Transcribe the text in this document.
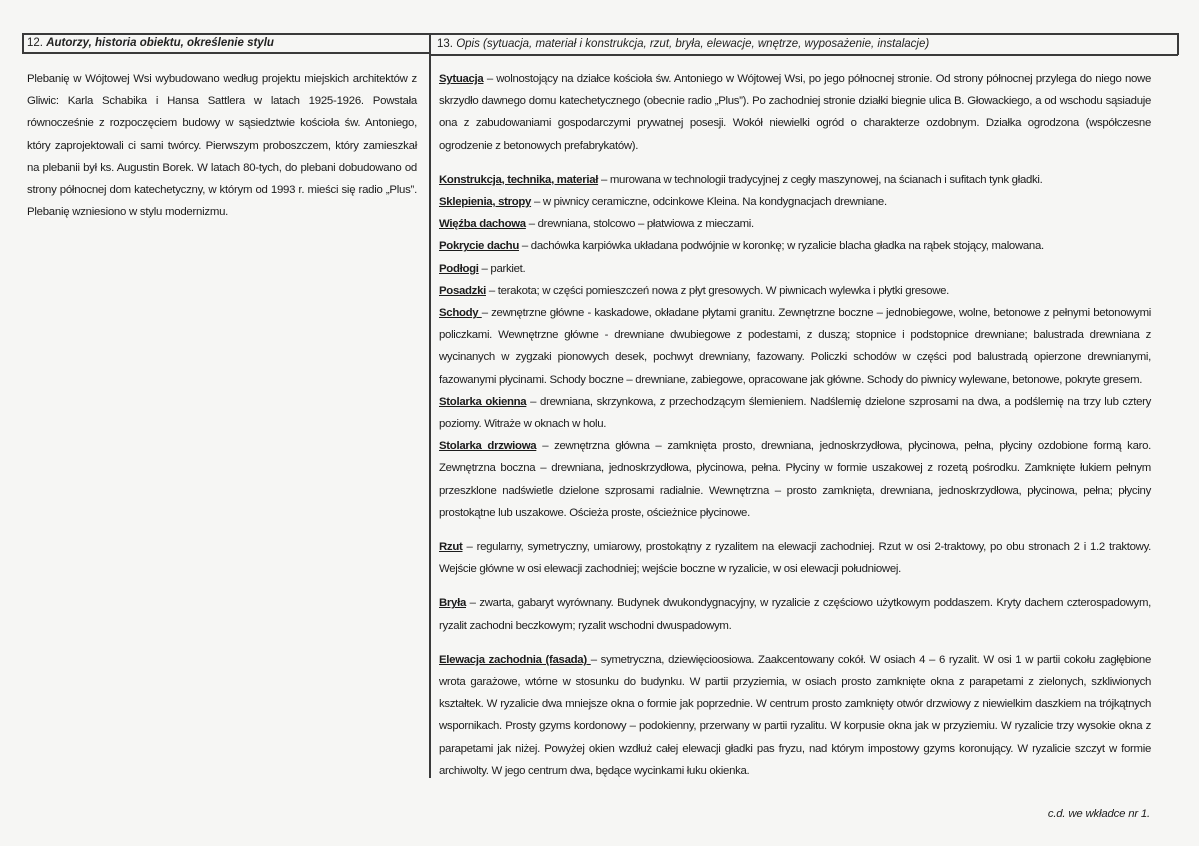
12. Autorzy, historia obiektu, określenie stylu	13. Opis (sytuacja, materiał i konstrukcja, rzut, bryła, elewacje, wnętrze, wyposażenie, instalacje)
Plebanię w Wójtowej Wsi wybudowano według projektu miejskich architektów z Gliwic: Karla Schabika i Hansa Sattlera w latach 1925-1926. Powstała równocześnie z rozpoczęciem budowy w sąsiedztwie kościoła św. Antoniego, który zaprojektowali ci sami twórcy. Pierwszym proboszczem, który zamieszkał na plebanii był ks. Augustin Borek. W latach 80-tych, do plebani dobudowano od strony północnej dom katechetyczny, w którym od 1993 r. mieści się radio „Plus”. Plebanię wzniesiono w stylu modernizmu.

Sytuacja – wolnostojący na działce kościoła św. Antoniego w Wójtowej Wsi, po jego północnej stronie. Od strony północnej przylega do niego nowe skrzydło dawnego domu katechetycznego (obecnie radio „Plus”). Po zachodniej stronie działki biegnie ulica B. Głowackiego, a od wschodu sąsiaduje ona z zabudowaniami gospodarczymi prywatnej posesji. Wokół niewielki ogród o charakterze ozdobnym. Działka ogrodzona (współczesne ogrodzenie z betonowych prefabrykatów).

Konstrukcja, technika, materiał – murowana w technologii tradycyjnej z cegły maszynowej, na ścianach i sufitach tynk gładki.

Sklepienia, stropy – w piwnicy ceramiczne, odcinkowe Kleina. Na kondygnacjach drewniane.

Więźba dachowa – drewniana, stolcowo – płatwiowa z mieczami.

Pokrycie dachu – dachówka karpiówka układana podwójnie w koronkę; w ryzalicie blacha gładka na rąbek stojący, malowana.

Podłogi – parkiet.

Posadzki – terakota; w części pomieszczeń nowa z płyt gresowych. W piwnicach wylewka i płytki gresowe.

Schody – zewnętrzne główne - kaskadowe, okładane płytami granitu. Zewnętrzne boczne – jednobiegowe, wolne, betonowe z pełnymi betonowymi policzkami. Wewnętrzne główne - drewniane dwubiegowe z podestami, z duszą; stopnice i podstopnice drewniane; balustrada drewniana z wycinanych w zygzaki pionowych desek, pochwyt drewniany, fazowany. Policzki schodów w części pod balustradą opierzone drewnianymi, fazowanymi płycinami. Schody boczne – drewniane, zabiegowe, opracowane jak główne. Schody do piwnicy wylewane, betonowe, pokryte gresem.

Stolarka okienna – drewniana, skrzynkowa, z przechodzącym ślemieniem. Nadślemię dzielone szprosami na dwa, a podślemię na trzy lub cztery poziomy. Witraże w oknach w holu.

Stolarka drzwiowa – zewnętrzna główna – zamknięta prosto, drewniana, jednoskrzydłowa, płycinowa, pełna, płyciny ozdobione formą karo. Zewnętrzna boczna – drewniana, jednoskrzydłowa, płycinowa, pełna. Płyciny w formie uszakowej z rozetą pośrodku. Zamknięte łukiem pełnym przeszklone nadświetle dzielone szprosami radialnie. Wewnętrzna – prosto zamknięta, drewniana, jednoskrzydłowa, płycinowa, pełna; płyciny prostokątne lub uszakowe. Ościeża proste, ościeżnice płycinowe.

Rzut – regularny, symetryczny, umiarowy, prostokątny z ryzalitem na elewacji zachodniej. Rzut w osi 2-traktowy, po obu stronach 2 i 1.2 traktowy. Wejście główne w osi elewacji zachodniej; wejście boczne w ryzalicie, w osi elewacji południowej.

Bryła – zwarta, gabaryt wyrównany. Budynek dwukondygnacyjny, w ryzalicie z częściowo użytkowym poddaszem. Kryty dachem czterospadowym, ryzalit zachodni beczkowym; ryzalit wschodni dwuspadowym.

Elewacja zachodnia (fasada) – symetryczna, dziewięcioosiowa. Zaakcentowany cokół. W osiach 4 – 6 ryzalit. W osi 1 w partii cokołu zagłębione wrota garażowe, wtórne w stosunku do budynku. W partii przyziemia, w osiach prosto zamknięte okna z parapetami z zielonych, szkliwionych kształtek. W ryzalicie dwa mniejsze okna o formie jak poprzednie. W centrum prosto zamknięty otwór drzwiowy z niewielkim daszkiem na trójkątnych wspornikach. Prosty gzyms kordonowy – podokienny, przerwany w partii ryzalitu. W korpusie okna jak w przyziemiu. W ryzalicie trzy wysokie okna z parapetami jak niżej. Powyżej okien wzdłuż całej elewacji gładki pas fryzu, nad którym impostowy gzyms koronujący. W ryzalicie szczyt w formie archiwolty. W jego centrum dwa, będące wycinkami łuku okienka.

c.d. we wkładce nr 1.
